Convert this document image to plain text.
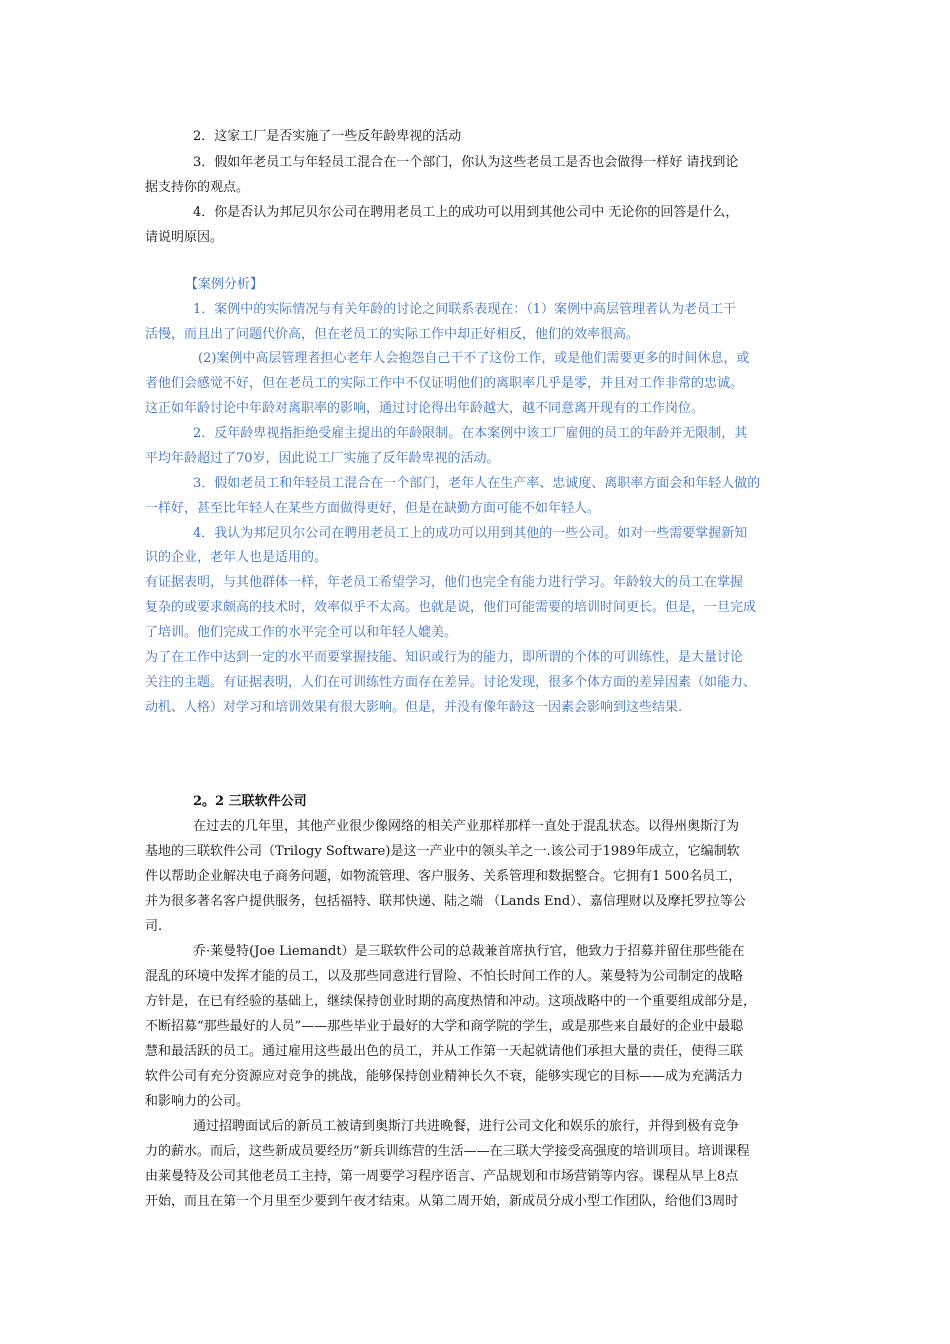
2．这家工厂是否实施了一些反年龄卑视的活动
3．假如年老员工与年轻员工混合在一个部门，你认为这些老员工是否也会做得一样好 请找到论
据支持你的观点。
4．你是否认为邦尼贝尔公司在聘用老员工上的成功可以用到其他公司中 无论你的回答是什么，
请说明原因。
【案例分析】
1．案例中的实际情况与有关年龄的讨论之间联系表现在：（1）案例中高层管理者认为老员工干
活慢，而且出了问题代价高，但在老员工的实际工作中却正好相反，他们的效率很高。
(2)案例中高层管理者担心老年人会抱怨自己干不了这份工作，或是他们需要更多的时间休息，或
者他们会感觉不好，但在老员工的实际工作中不仅证明他们的离职率几乎是零，并且对工作非常的忠诚。
这正如年龄讨论中年龄对离职率的影响，通过讨论得出年龄越大，越不同意离开现有的工作岗位。
2．反年龄卑视指拒绝受雇主提出的年龄限制。在本案例中该工厂雇佣的员工的年龄并无限制，其
平均年龄超过了70岁，因此说工厂实施了反年龄卑视的活动。
3．假如老员工和年轻员工混合在一个部门，老年人在生产率、忠诚度、离职率方面会和年轻人做的
一样好，甚至比年轻人在某些方面做得更好，但是在缺勤方面可能不如年轻人。
4．我认为邦尼贝尔公司在聘用老员工上的成功可以用到其他的一些公司。如对一些需要掌握新知
识的企业，老年人也是适用的。
有证据表明，与其他群体一样，年老员工希望学习，他们也完全有能力进行学习。年龄较大的员工在掌握
复杂的或要求颇高的技术时，效率似乎不太高。也就是说，他们可能需要的培训时间更长。但是，一旦完成
了培训。他们完成工作的水平完全可以和年轻人媲美。
为了在工作中达到一定的水平而要掌握技能、知识或行为的能力，即所谓的个体的可训练性，是大量讨论
关注的主题。有证据表明，人们在可训练性方面存在差异。讨论发现，很多个体方面的差异因素（如能力、
动机、人格）对学习和培训效果有很大影响。但是，并没有像年龄这一因素会影响到这些结果.
2。2 三联软件公司
在过去的几年里，其他产业很少像网络的相关产业那样那样一直处于混乱状态。以得州奥斯汀为
基地的三联软件公司（Trilogy Software)是这一产业中的领头羊之一.该公司于1989年成立，它编制软
件以帮助企业解决电子商务问题，如物流管理、客户服务、关系管理和数据整合。它拥有1 500名员工，
并为很多著名客户提供服务，包括福特、联邦快递、陆之端 （Lands End）、嘉信理财以及摩托罗拉等公
司.
乔·莱曼特(Joe Liemandt）是三联软件公司的总裁兼首席执行官，他致力于招募并留住那些能在
混乱的环境中发挥才能的员工，以及那些同意进行冒险、不怕长时间工作的人。莱曼特为公司制定的战略
方针是，在已有经验的基础上，继续保持创业时期的高度热情和冲动。这项战略中的一个重要组成部分是，
不断招募“那些最好的人员”——那些毕业于最好的大学和商学院的学生，或是那些来自最好的企业中最聪
慧和最活跃的员工。通过雇用这些最出色的员工，并从工作第一天起就请他们承担大量的责任，使得三联
软件公司有充分资源应对竞争的挑战，能够保持创业精神长久不衰，能够实现它的目标——成为充满活力
和影响力的公司。
通过招聘面试后的新员工被请到奥斯汀共进晚餐，进行公司文化和娱乐的旅行，并得到极有竞争
力的薪水。而后，这些新成员要经历“新兵训练营的生活——在三联大学接受高强度的培训项目。培训课程
由莱曼特及公司其他老员工主持，第一周要学习程序语言、产品规划和市场营销等内容。课程从早上8点
开始，而且在第一个月里至少要到午夜才结束。从第二周开始，新成员分成小型工作团队，给他们3周时
